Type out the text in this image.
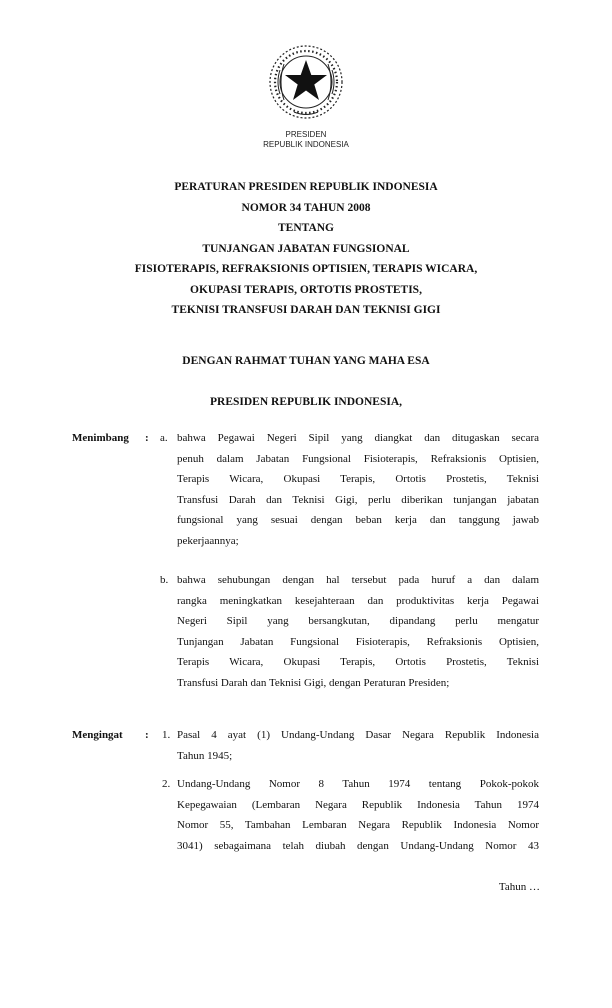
PRESIDEN
REPUBLIK INDONESIA
PERATURAN PRESIDEN REPUBLIK INDONESIA
NOMOR 34 TAHUN 2008
TENTANG
TUNJANGAN JABATAN FUNGSIONAL
FISIOTERAPIS, REFRAKSIONIS OPTISIEN, TERAPIS WICARA,
OKUPASI TERAPIS, ORTOTIS PROSTETIS,
TEKNISI TRANSFUSI DARAH DAN TEKNISI GIGI
DENGAN RAHMAT TUHAN YANG MAHA ESA
PRESIDEN REPUBLIK INDONESIA,
Menimbang : a. bahwa Pegawai Negeri Sipil yang diangkat dan ditugaskan secara
penuh dalam Jabatan Fungsional Fisioterapis, Refraksionis Optisien,
Terapis Wicara, Okupasi Terapis, Ortotis Prostetis, Teknisi
Transfusi Darah dan Teknisi Gigi, perlu diberikan tunjangan jabatan
fungsional yang sesuai dengan beban kerja dan tanggung jawab
pekerjaannya;
b. bahwa sehubungan dengan hal tersebut pada huruf a dan dalam
rangka meningkatkan kesejahteraan dan produktivitas kerja Pegawai
Negeri Sipil yang bersangkutan, dipandang perlu mengatur
Tunjangan Jabatan Fungsional Fisioterapis, Refraksionis Optisien,
Terapis Wicara, Okupasi Terapis, Ortotis Prostetis, Teknisi
Transfusi Darah dan Teknisi Gigi, dengan Peraturan Presiden;
Mengingat : 1. Pasal 4 ayat (1) Undang-Undang Dasar Negara Republik Indonesia
Tahun 1945;
2. Undang-Undang Nomor 8 Tahun 1974 tentang Pokok-pokok
Kepegawaian (Lembaran Negara Republik Indonesia Tahun 1974
Nomor 55, Tambahan Lembaran Negara Republik Indonesia Nomor
3041) sebagaimana telah diubah dengan Undang-Undang Nomor 43
Tahun …
